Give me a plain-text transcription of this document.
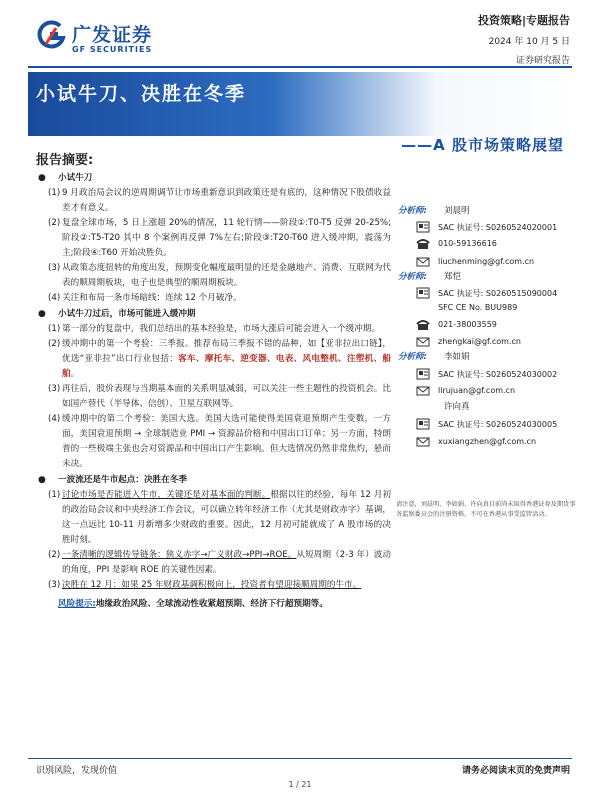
广发证券
GF SECURITIES
投资策略|专题报告
2024 年 10 月 5 日
证券研究报告
小试牛刀、决胜在冬季
——A 股市场策略展望
报告摘要:
● 小试牛刀
(1) 9 月政治局会议的逆周期调节让市场重新意识到政策还是有底的，这种情况下股债收益差才有意义。
(2) 复盘全球市场，5 日上涨超 20%的情况，11 轮行情——阶段①:T0-T5 反弹 20-25%;阶段②:T5-T20 其中 8 个案例再反弹 7%左右;阶段③:T20-T60 进入缓冲期，震荡为主;阶段④:T60 开始决胜负。
(3) 从政策态度扭转的角度出发，预期变化幅度最明显的还是金融地产、消费、互联网为代表的顺周期板块，电子也是典型的顺周期板块。
(4) 关注和布局一条市场暗线：连续 12 个月破净。
● 小试牛刀过后，市场可能进入缓冲期
(1) 第一部分的复盘中，我们总结出的基本经验是，市场大涨后可能会进入一个缓冲期。
(2) 缓冲期中的第一个考验：三季报。推荐布局三季报不错的品种，如【亚非拉出口链】，优选“亚非拉”出口行业包括：客车、摩托车、逆变器、电表、风电整机、注塑机、船舶。
(3) 再往后，股价表现与当期基本面的关系明显减弱，可以关注一些主题性的投资机会。比如国产替代（半导体、信创）、卫星互联网等。
(4) 缓冲期中的第二个考验：美国大选。美国大选可能使得美国衰退预期产生变数，一方面，美国衰退预期 → 全球制造业 PMI → 资源品价格和中国出口订单；另一方面，特朗普的一些极端主张也会对资源品和中国出口产生影响。但大选情况仍然非常焦灼，悬而未决。
● 一波流还是牛市起点：决胜在冬季
(1) 讨论市场是否能进入牛市，关键还是对基本面的判断。根据以往的经验，每年 12 月初的政治局会议和中央经济工作会议，可以确立转年经济工作（尤其是财政赤字）基调，这一点远比 10-11 月新增多少财政的重要。因此，12 月初可能就成了 A 股市场的决胜时刻。
(2) 一条清晰的逻辑传导链条：狭义赤字→广义财政→PPI→ROE。从短周期（2-3 年）波动的角度，PPI 是影响 ROE 的关键性因素。
(3) 决胜在 12 月：如果 25 年财政基调积极向上，投资者有望迎接顺周期的牛市。
风险提示:地缘政治风险、全球流动性收紧超预期、经济下行超预期等。
分析师: 刘晨明
SAC 执证号: S0260524020001
010-59136616
liuchenming@gf.com.cn
分析师: 郑恺
SAC 执证号: S0260515090004
SFC CE No. BUU989
021-38003559
zhengkai@gf.com.cn
分析师: 李如娟
SAC 执证号: S0260524030002
lirujuan@gf.com.cn
许向真
SAC 执证号: S0260524030005
xuxiangzhen@gf.com.cn
请注意，刘晨明、李如娟、许向真目前尚未取得香港证券及期货事务监察委员会的注册资格，不可在香港从事受监管活动。
识别风险，发现价值	请务必阅读末页的免责声明
1 / 21
